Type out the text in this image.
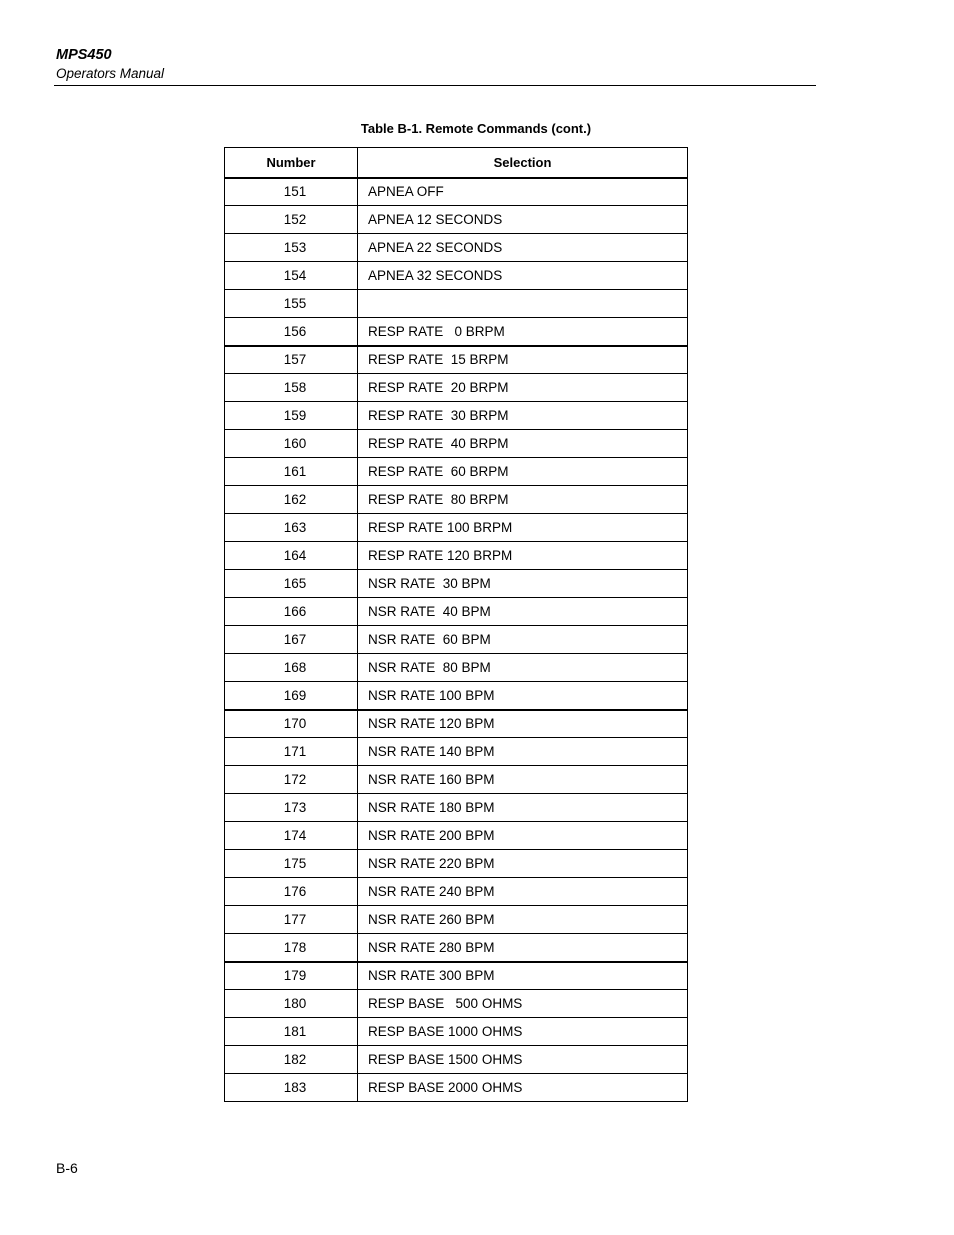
MPS450
Operators Manual
Table B-1. Remote Commands (cont.)
Number	Selection
151	APNEA OFF
152	APNEA 12 SECONDS
153	APNEA 22 SECONDS
154	APNEA 32 SECONDS
155	
156	RESP RATE   0 BRPM
157	RESP RATE  15 BRPM
158	RESP RATE  20 BRPM
159	RESP RATE  30 BRPM
160	RESP RATE  40 BRPM
161	RESP RATE  60 BRPM
162	RESP RATE  80 BRPM
163	RESP RATE 100 BRPM
164	RESP RATE 120 BRPM
165	NSR RATE  30 BPM
166	NSR RATE  40 BPM
167	NSR RATE  60 BPM
168	NSR RATE  80 BPM
169	NSR RATE 100 BPM
170	NSR RATE 120 BPM
171	NSR RATE 140 BPM
172	NSR RATE 160 BPM
173	NSR RATE 180 BPM
174	NSR RATE 200 BPM
175	NSR RATE 220 BPM
176	NSR RATE 240 BPM
177	NSR RATE 260 BPM
178	NSR RATE 280 BPM
179	NSR RATE 300 BPM
180	RESP BASE   500 OHMS
181	RESP BASE 1000 OHMS
182	RESP BASE 1500 OHMS
183	RESP BASE 2000 OHMS
B-6
